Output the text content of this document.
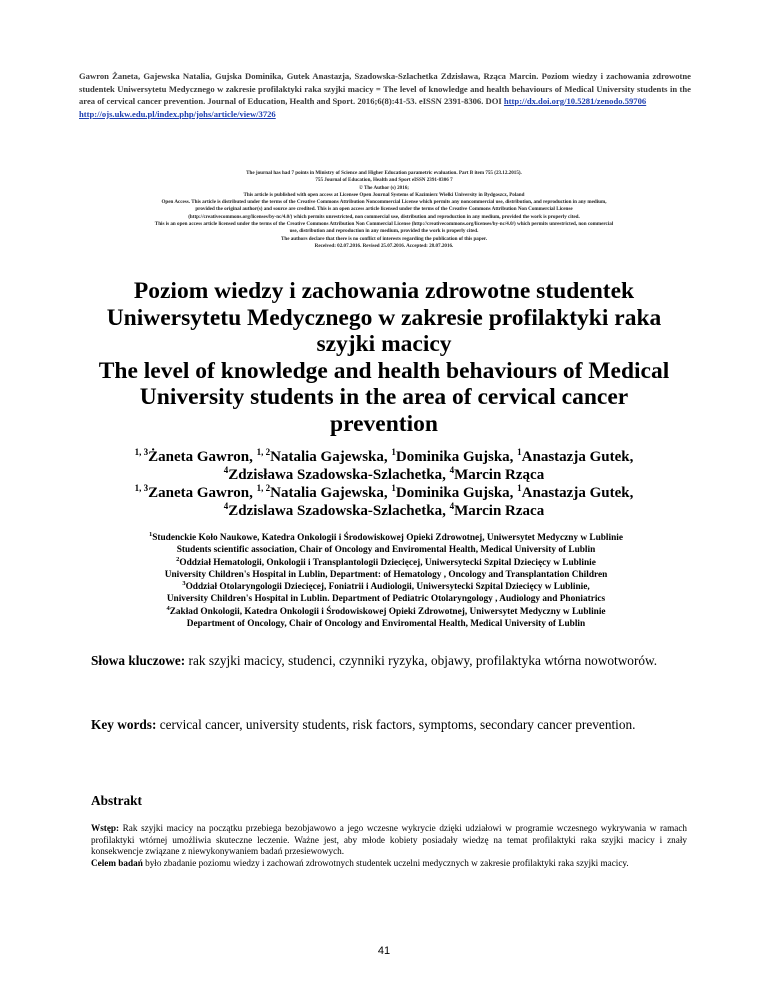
Gawron Żaneta, Gajewska Natalia, Gujska Dominika, Gutek Anastazja, Szadowska-Szlachetka Zdzisława, Rząca Marcin. Poziom wiedzy i zachowania zdrowotne studentek Uniwersytetu Medycznego w zakresie profilaktyki raka szyjki macicy = The level of knowledge and health behaviours of Medical University students in the area of cervical cancer prevention. Journal of Education, Health and Sport. 2016;6(8):41-53. eISSN 2391-8306. DOI http://dx.doi.org/10.5281/zenodo.59706
http://ojs.ukw.edu.pl/index.php/johs/article/view/3726
The journal has had 7 points in Ministry of Science and Higher Education parametric evaluation. Part B item 755 (23.12.2015).
755 Journal of Education, Health and Sport eISSN 2391-8306 7
© The Author (s) 2016;
This article is published with open access at Licensee Open Journal Systems of Kazimierz Wielki University in Bydgoszcz, Poland
Open Access. This article is distributed under the terms of the Creative Commons Attribution Noncommercial License which permits any noncommercial use, distribution, and reproduction in any medium,
provided the original author(s) and source are credited. This is an open access article licensed under the terms of the Creative Commons Attribution Non Commercial License
(http://creativecommons.org/licenses/by-nc/4.0/) which permits unrestricted, non commercial use, distribution and reproduction in any medium, provided the work is properly cited.
This is an open access article licensed under the terms of the Creative Commons Attribution Non Commercial License (http://creativecommons.org/licenses/by-nc/4.0/) which permits unrestricted, non commercial
use, distribution and reproduction in any medium, provided the work is properly cited.
The authors declare that there is no conflict of interests regarding the publication of this paper.
Received: 02.07.2016. Revised 25.07.2016. Accepted: 28.07.2016.
Poziom wiedzy i zachowania zdrowotne studentek Uniwersytetu Medycznego w zakresie profilaktyki raka szyjki macicy
The level of knowledge and health behaviours of Medical University students in the area of cervical cancer prevention
$^{1, 3}$Żaneta Gawron, $^{1, 2}$Natalia Gajewska, $^1$Dominika Gujska, $^1$Anastazja Gutek,
$^4$Zdzisława Szadowska-Szlachetka, $^4$Marcin Rząca
$^{1, 3}$Zaneta Gawron, $^{1, 2}$Natalia Gajewska, $^1$Dominika Gujska, $^1$Anastazja Gutek,
$^4$Zdzislawa Szadowska-Szlachetka, $^4$Marcin Rzaca
$^1$Studenckie Koło Naukowe, Katedra Onkologii i Środowiskowej Opieki Zdrowotnej, Uniwersytet Medyczny w Lublinie
Students scientific association, Chair of Oncology and Enviromental Health, Medical University of Lublin
$^2$Oddział Hematologii, Onkologii i Transplantologii Dziecięcej, Uniwersytecki Szpital Dziecięcy w Lublinie
University Children's Hospital in Lublin, Department: of Hematology , Oncology and Transplantation Children
$^3$Oddział Otolaryngologii Dziecięcej, Foniatrii i Audiologii, Uniwersytecki Szpital Dziecięcy w Lublinie,
University Children's Hospital in Lublin. Department of Pediatric Otolaryngology , Audiology and Phoniatrics
$^4$Zakład Onkologii, Katedra Onkologii i Środowiskowej Opieki Zdrowotnej, Uniwersytet Medyczny w Lublinie
Department of Oncology, Chair of Oncology and Enviromental Health, Medical University of Lublin
Słowa kluczowe: rak szyjki macicy, studenci, czynniki ryzyka, objawy, profilaktyka wtórna nowotworów.
Key words: cervical cancer, university students, risk factors, symptoms, secondary cancer prevention.
Abstrakt
Wstęp: Rak szyjki macicy na początku przebiega bezobjawowo a jego wczesne wykrycie dzięki udziałowi w programie wczesnego wykrywania w ramach profilaktyki wtórnej umożliwia skuteczne leczenie. Ważne jest, aby młode kobiety posiadały wiedzę na temat profilaktyki raka szyjki macicy i znały konsekwencje związane z niewykonywaniem badań przesiewowych.
Celem badań było zbadanie poziomu wiedzy i zachowań zdrowotnych studentek uczelni medycznych w zakresie profilaktyki raka szyjki macicy.
41
